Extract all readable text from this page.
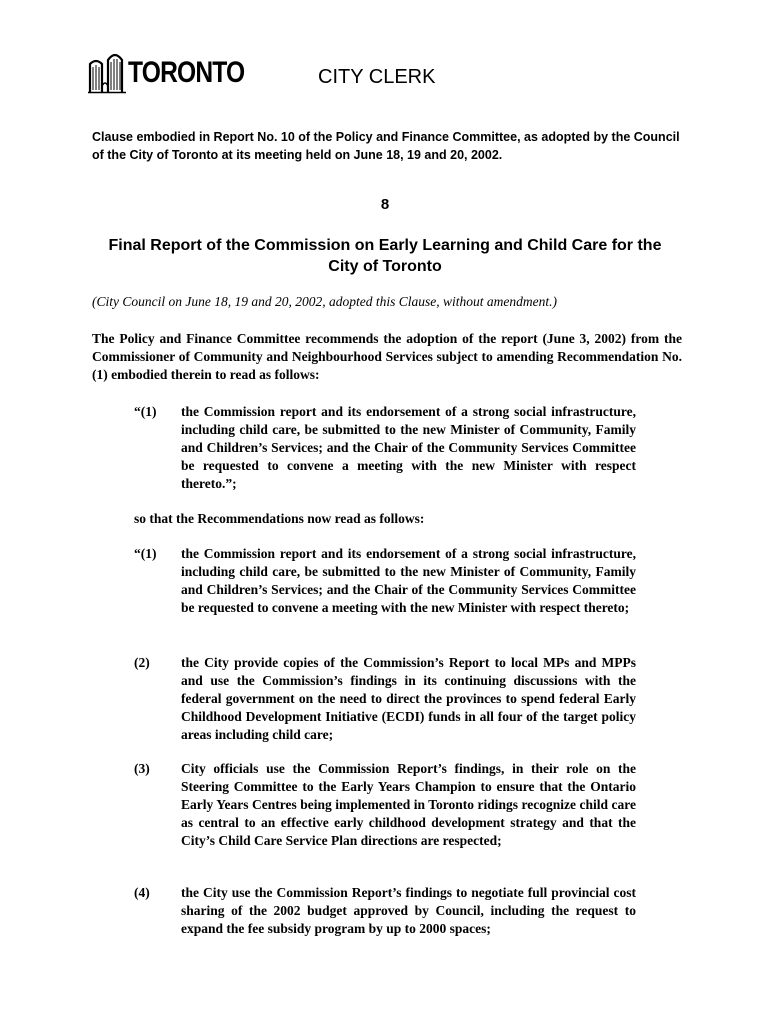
TORONTO	CITY CLERK

Clause embodied in Report No. 10 of the Policy and Finance Committee, as adopted by the Council of the City of Toronto at its meeting held on June 18, 19 and 20, 2002.

8

Final Report of the Commission on Early Learning and Child Care for the City of Toronto

(City Council on June 18, 19 and 20, 2002, adopted this Clause, without amendment.)

The Policy and Finance Committee recommends the adoption of the report (June 3, 2002) from the Commissioner of Community and Neighbourhood Services subject to amending Recommendation No. (1) embodied therein to read as follows:

“(1) the Commission report and its endorsement of a strong social infrastructure, including child care, be submitted to the new Minister of Community, Family and Children’s Services; and the Chair of the Community Services Committee be requested to convene a meeting with the new Minister with respect thereto.”;

so that the Recommendations now read as follows:

“(1) the Commission report and its endorsement of a strong social infrastructure, including child care, be submitted to the new Minister of Community, Family and Children’s Services; and the Chair of the Community Services Committee be requested to convene a meeting with the new Minister with respect thereto;

(2) the City provide copies of the Commission’s Report to local MPs and MPPs and use the Commission’s findings in its continuing discussions with the federal government on the need to direct the provinces to spend federal Early Childhood Development Initiative (ECDI) funds in all four of the target policy areas including child care;

(3) City officials use the Commission Report’s findings, in their role on the Steering Committee to the Early Years Champion to ensure that the Ontario Early Years Centres being implemented in Toronto ridings recognize child care as central to an effective early childhood development strategy and that the City’s Child Care Service Plan directions are respected;

(4) the City use the Commission Report’s findings to negotiate full provincial cost sharing of the 2002 budget approved by Council, including the request to expand the fee subsidy program by up to 2000 spaces;
